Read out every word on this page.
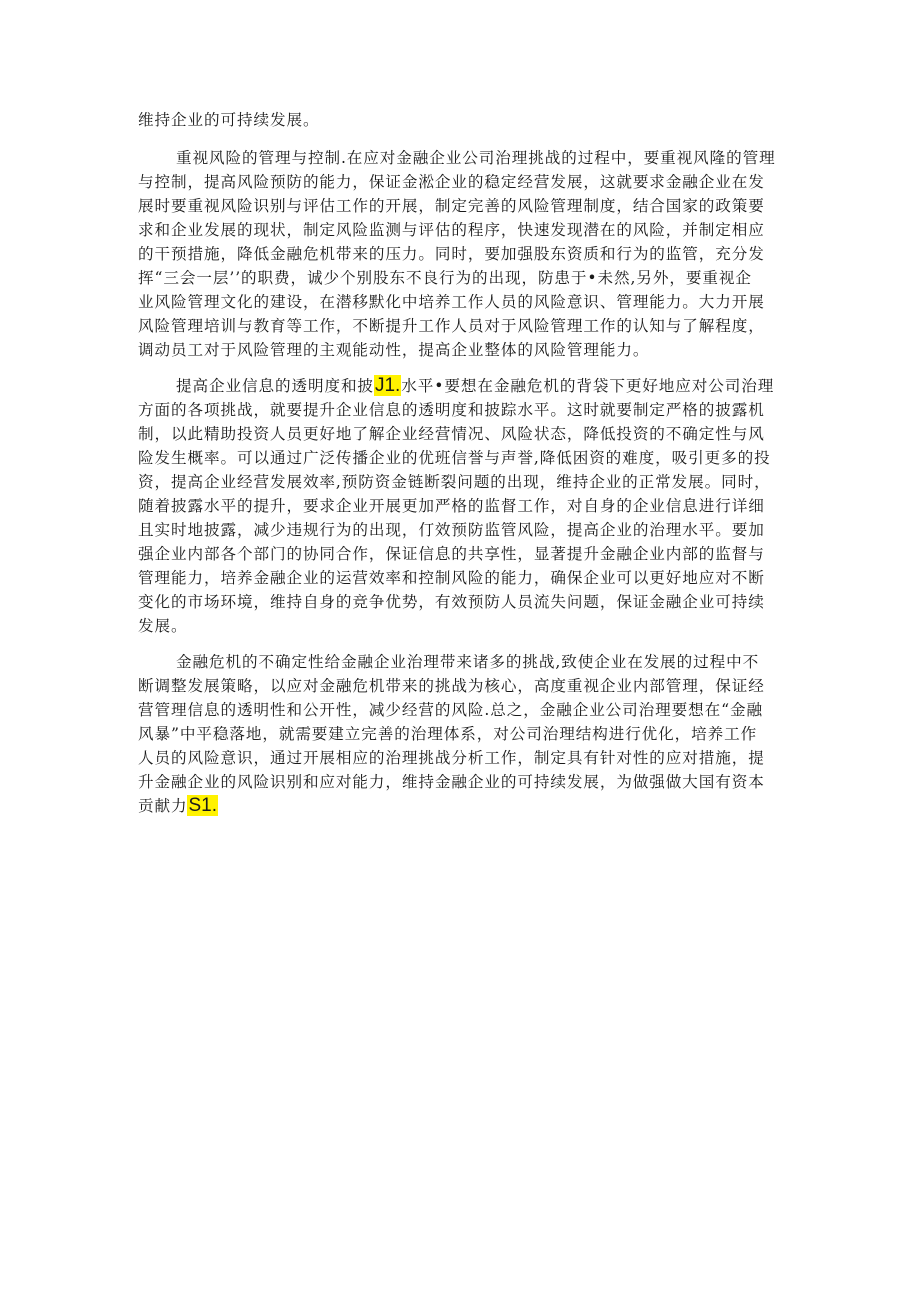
维持企业的可持续发展。
重视风险的管理与控制.在应对金融企业公司治理挑战的过程中，要重视风隆的管理
与控制，提高风险预防的能力，保证金淞企业的稳定经营发展，这就要求金融企业在发
展时要重视风险识别与评估工作的开展，制定完善的风险管理制度，结合国家的政策要
求和企业发展的现状，制定风险监测与评估的程序，快速发现潜在的风险，并制定相应
的干预措施，降低金融危机带来的压力。同时，要加强股东资质和行为的监管，充分发
挥“三会一层’’的职费，诚少个别股东不良行为的出现，防患于•未然,另外，要重视企
业风险管理文化的建设，在潜移默化中培养工作人员的风险意识、管理能力。大力开展
风险管理培训与教育等工作，不断提升工作人员对于风险管理工作的认知与了解程度，
调动员工对于风险管理的主观能动性，提高企业整体的风险管理能力。
提高企业信息的透明度和披J1.水平•要想在金融危机的背袋下更好地应对公司治理
方面的各项挑战，就要提升企业信息的透明度和披踪水平。这时就要制定严格的披露机
制，以此精助投资人员更好地了解企业经营情况、风险状态，降低投资的不确定性与风
险发生概率。可以通过广泛传播企业的优班信誉与声誉,降低困资的难度，吸引更多的投
资，提高企业经营发展效率,预防资金链断裂问题的出现，维持企业的正常发展。同时，
随着披露水平的提升，要求企业开展更加严格的监督工作，对自身的企业信息进行详细
且实时地披露，减少违规行为的出现，仃效预防监管风险，提高企业的治理水平。要加
强企业内部各个部门的协同合作，保证信息的共享性，显著提升金融企业内部的监督与
管理能力，培养金融企业的运营效率和控制风险的能力，确保企业可以更好地应对不断
变化的市场环境，维持自身的竞争优势，有效预防人员流失问题，保证金融企业可持续
发展。
金融危机的不确定性给金融企业治理带来诸多的挑战,致使企业在发展的过程中不
断调整发展策略，以应对金融危机带来的挑战为核心，高度重视企业内部管理，保证经
营管理信息的透明性和公开性，减少经营的风险.总之，金融企业公司治理要想在“金融
风暴”中平稳落地，就需要建立完善的治理体系，对公司治理结构进行优化，培养工作
人员的风险意识，通过开展相应的治理挑战分析工作，制定具有针对性的应对措施，提
升金融企业的风险识别和应对能力，维持金融企业的可持续发展，为做强做大国有资本
贡献力S1.
